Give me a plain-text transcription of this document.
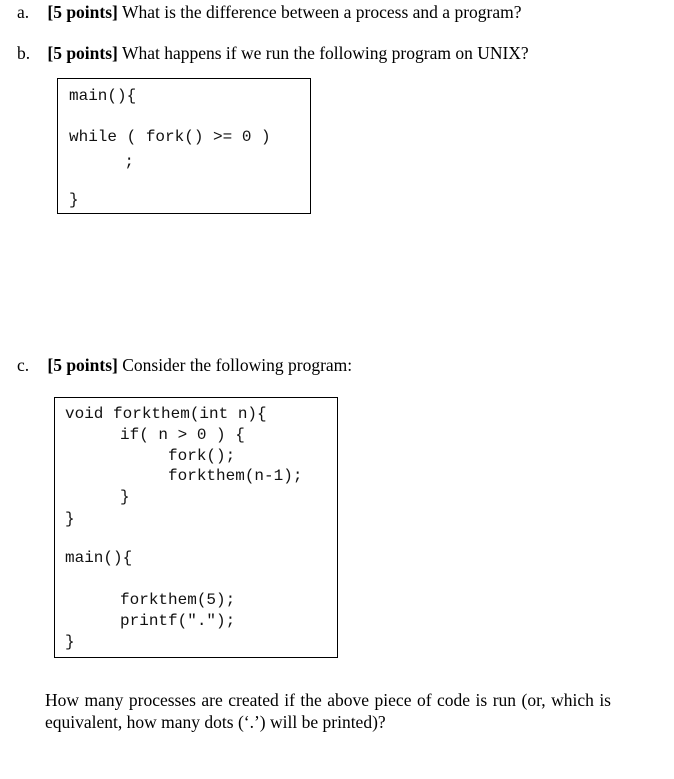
a. [5 points] What is the difference between a process and a program?
b. [5 points] What happens if we run the following program on UNIX?
main(){
while ( fork() >= 0 )
;
}
c. [5 points] Consider the following program:
void forkthem(int n){
if( n > 0 ) {
fork();
forkthem(n-1);
}
}
main(){
forkthem(5);
printf(".");
}
How many processes are created if the above piece of code is run (or, which is equivalent, how many dots (‘.’) will be printed)?
